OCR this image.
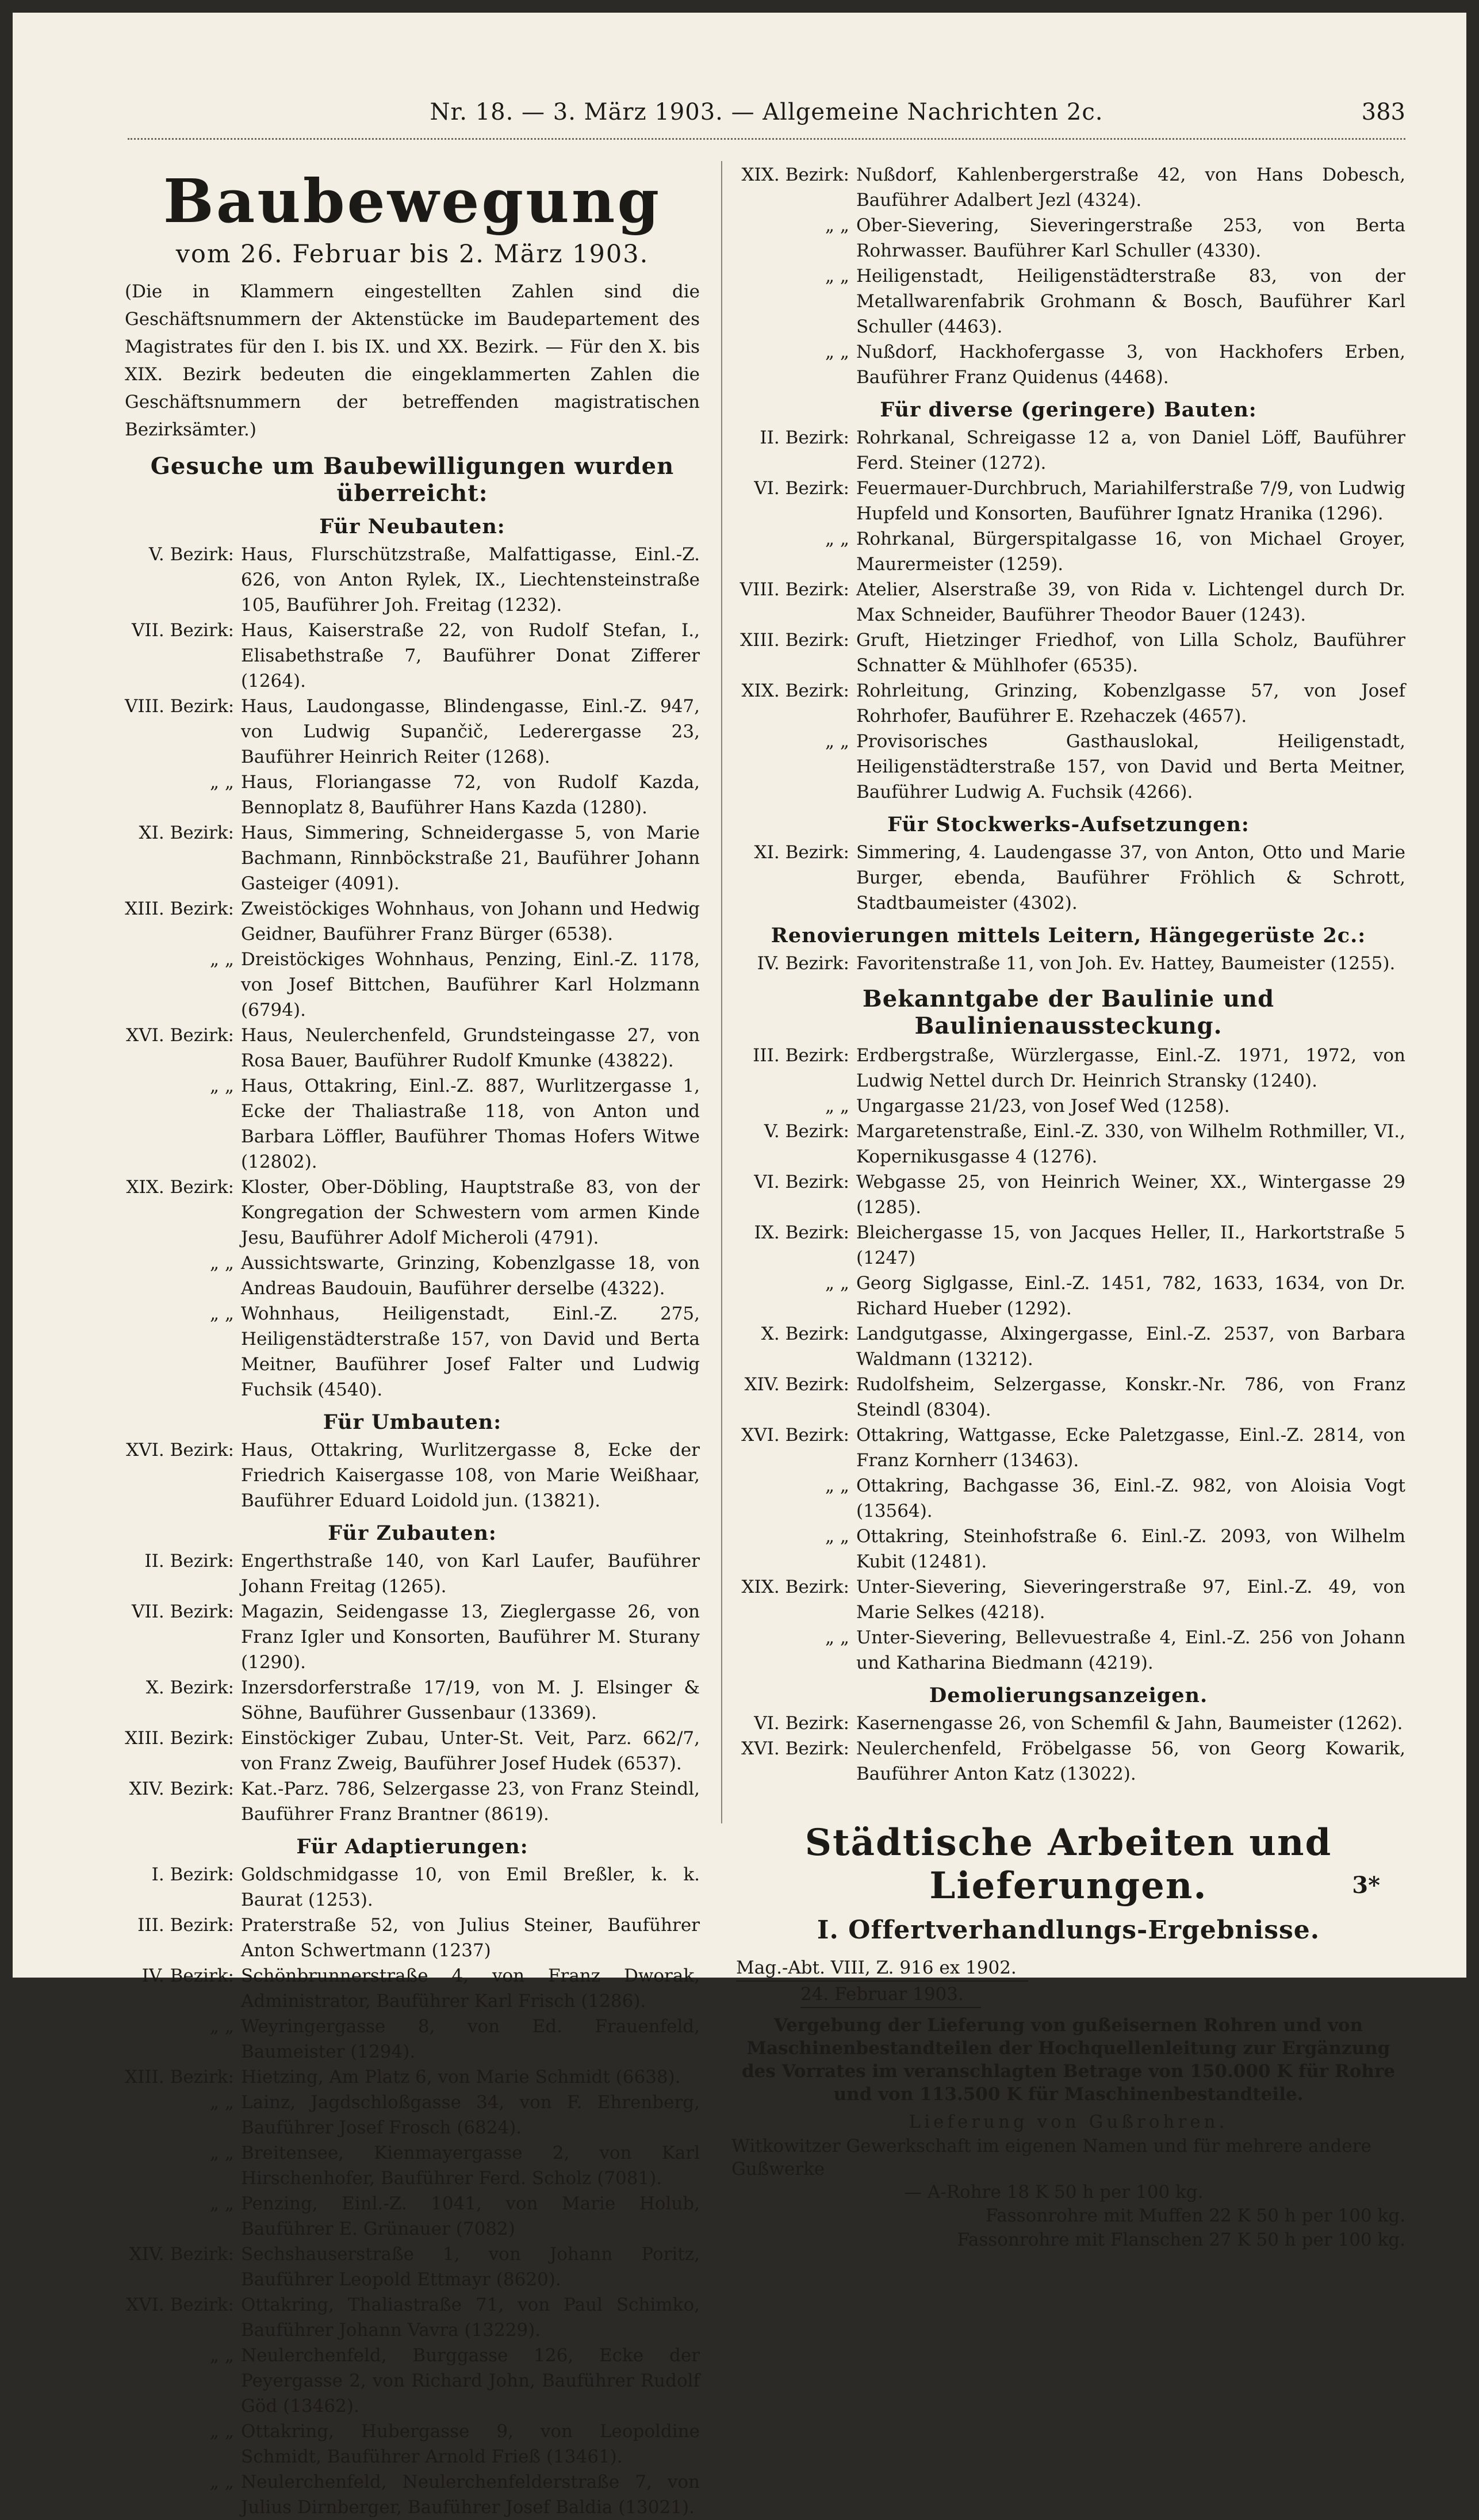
Nr. 18. — 3. März 1903. — Allgemeine Nachrichten 2c.	383
Baubewegung
vom 26. Februar bis 2. März 1903.
(Die in Klammern eingestellten Zahlen sind die Geschäftsnummern der Aktenstücke im Baudepartement des Magistrates für den I. bis IX. und XX. Bezirk. — Für den X. bis XIX. Bezirk bedeuten die eingeklammerten Zahlen die Geschäftsnummern der betreffenden magistratischen Bezirksämter.)
Gesuche um Baubewilligungen wurden überreicht:
Für Neubauten:
V. Bezirk: Haus, Flurschützstraße, Malfattigasse, Einl.-Z. 626, von Anton Rylek, IX., Liechtensteinstraße 105, Bauführer Joh. Freitag (1232).
VII. Bezirk: Haus, Kaiserstraße 22, von Rudolf Stefan, I., Elisabethstraße 7, Bauführer Donat Zifferer (1264).
VIII. Bezirk: Haus, Laudongasse, Blindengasse, Einl.-Z. 947, von Ludwig Supančič, Lederergasse 23, Bauführer Heinrich Reiter (1268).
„ „ Haus, Floriangasse 72, von Rudolf Kazda, Bennoplatz 8, Bauführer Hans Kazda (1280).
XI. Bezirk: Haus, Simmering, Schneidergasse 5, von Marie Bachmann, Rinnböckstraße 21, Bauführer Johann Gasteiger (4091).
XIII. Bezirk: Zweistöckiges Wohnhaus, von Johann und Hedwig Geidner, Bauführer Franz Bürger (6538).
„ „ Dreistöckiges Wohnhaus, Penzing, Einl.-Z. 1178, von Josef Bittchen, Bauführer Karl Holzmann (6794).
XVI. Bezirk: Haus, Neulerchenfeld, Grundsteingasse 27, von Rosa Bauer, Bauführer Rudolf Kmunke (43822).
„ „ Haus, Ottakring, Einl.-Z. 887, Wurlitzergasse 1, Ecke der Thaliastraße 118, von Anton und Barbara Löffler, Bauführer Thomas Hofers Witwe (12802).
XIX. Bezirk: Kloster, Ober-Döbling, Hauptstraße 83, von der Kongregation der Schwestern vom armen Kinde Jesu, Bauführer Adolf Micheroli (4791).
„ „ Aussichtswarte, Grinzing, Kobenzlgasse 18, von Andreas Baudouin, Bauführer derselbe (4322).
„ „ Wohnhaus, Heiligenstadt, Einl.-Z. 275, Heiligenstädterstraße 157, von David und Berta Meitner, Bauführer Josef Falter und Ludwig Fuchsik (4540).
Für Umbauten:
XVI. Bezirk: Haus, Ottakring, Wurlitzergasse 8, Ecke der Friedrich Kaisergasse 108, von Marie Weißhaar, Bauführer Eduard Loidold jun. (13821).
Für Zubauten:
II. Bezirk: Engerthstraße 140, von Karl Laufer, Bauführer Johann Freitag (1265).
VII. Bezirk: Magazin, Seidengasse 13, Zieglergasse 26, von Franz Igler und Konsorten, Bauführer M. Sturany (1290).
X. Bezirk: Inzersdorferstraße 17/19, von M. J. Elsinger & Söhne, Bauführer Gussenbaur (13369).
XIII. Bezirk: Einstöckiger Zubau, Unter-St. Veit, Parz. 662/7, von Franz Zweig, Bauführer Josef Hudek (6537).
XIV. Bezirk: Kat.-Parz. 786, Selzergasse 23, von Franz Steindl, Bauführer Franz Brantner (8619).
Für Adaptierungen:
I. Bezirk: Goldschmidgasse 10, von Emil Breßler, k. k. Baurat (1253).
III. Bezirk: Praterstraße 52, von Julius Steiner, Bauführer Anton Schwertmann (1237)
IV. Bezirk: Schönbrunnerstraße 4, von Franz Dworak, Administrator, Bauführer Karl Frisch (1286).
„ „ Weyringergasse 8, von Ed. Frauenfeld, Baumeister (1294).
XIII. Bezirk: Hietzing, Am Platz 6, von Marie Schmidt (6638).
„ „ Lainz, Jagdschloßgasse 34, von F. Ehrenberg, Bauführer Josef Frosch (6824).
„ „ Breitensee, Kienmayergasse 2, von Karl Hirschenhofer, Bauführer Ferd. Scholz (7081).
„ „ Penzing, Einl.-Z. 1041, von Marie Holub, Bauführer E. Grünauer (7082)
XIV. Bezirk: Sechshauserstraße 1, von Johann Poritz, Bauführer Leopold Ettmayr (8620).
XVI. Bezirk: Ottakring, Thaliastraße 71, von Paul Schimko, Bauführer Johann Vavra (13229).
„ „ Neulerchenfeld, Burggasse 126, Ecke der Peyergasse 2, von Richard John, Bauführer Rudolf Göd (13462).
„ „ Ottakring, Hubergasse 9, von Leopoldine Schmidt, Bauführer Arnold Frieß (13461).
„ „ Neulerchenfeld, Neulerchenfelderstraße 7, von Julius Dirnberger, Bauführer Josef Baldia (13021).
XIX. Bezirk: Nußdorf, Kahlenbergerstraße 42, von Hans Dobesch, Bauführer Adalbert Jezl (4324).
„ „ Ober-Sievering, Sieveringerstraße 253, von Berta Rohrwasser. Bauführer Karl Schuller (4330).
„ „ Heiligenstadt, Heiligenstädterstraße 83, von der Metallwarenfabrik Grohmann & Bosch, Bauführer Karl Schuller (4463).
„ „ Nußdorf, Hackhofergasse 3, von Hackhofers Erben, Bauführer Franz Quidenus (4468).
Für diverse (geringere) Bauten:
II. Bezirk: Rohrkanal, Schreigasse 12 a, von Daniel Löff, Bauführer Ferd. Steiner (1272).
VI. Bezirk: Feuermauer-Durchbruch, Mariahilferstraße 7/9, von Ludwig Hupfeld und Konsorten, Bauführer Ignatz Hranika (1296).
„ „ Rohrkanal, Bürgerspitalgasse 16, von Michael Groyer, Maurermeister (1259).
VIII. Bezirk: Atelier, Alserstraße 39, von Rida v. Lichtengel durch Dr. Max Schneider, Bauführer Theodor Bauer (1243).
XIII. Bezirk: Gruft, Hietzinger Friedhof, von Lilla Scholz, Bauführer Schnatter & Mühlhofer (6535).
XIX. Bezirk: Rohrleitung, Grinzing, Kobenzlgasse 57, von Josef Rohrhofer, Bauführer E. Rzehaczek (4657).
„ „ Provisorisches Gasthauslokal, Heiligenstadt, Heiligenstädterstraße 157, von David und Berta Meitner, Bauführer Ludwig A. Fuchsik (4266).
Für Stockwerks-Aufsetzungen:
XI. Bezirk: Simmering, 4. Laudengasse 37, von Anton, Otto und Marie Burger, ebenda, Bauführer Fröhlich & Schrott, Stadtbaumeister (4302).
Renovierungen mittels Leitern, Hängegerüste 2c.:
IV. Bezirk: Favoritenstraße 11, von Joh. Ev. Hattey, Baumeister (1255).
Bekanntgabe der Baulinie und Baulinienaussteckung.
III. Bezirk: Erdbergstraße, Würzlergasse, Einl.-Z. 1971, 1972, von Ludwig Nettel durch Dr. Heinrich Stransky (1240).
„ „ Ungargasse 21/23, von Josef Wed (1258).
V. Bezirk: Margaretenstraße, Einl.-Z. 330, von Wilhelm Rothmiller, VI., Kopernikusgasse 4 (1276).
VI. Bezirk: Webgasse 25, von Heinrich Weiner, XX., Wintergasse 29 (1285).
IX. Bezirk: Bleichergasse 15, von Jacques Heller, II., Harkortstraße 5 (1247)
„ „ Georg Siglgasse, Einl.-Z. 1451, 782, 1633, 1634, von Dr. Richard Hueber (1292).
X. Bezirk: Landgutgasse, Alxingergasse, Einl.-Z. 2537, von Barbara Waldmann (13212).
XIV. Bezirk: Rudolfsheim, Selzergasse, Konskr.-Nr. 786, von Franz Steindl (8304).
XVI. Bezirk: Ottakring, Wattgasse, Ecke Paletzgasse, Einl.-Z. 2814, von Franz Kornherr (13463).
„ „ Ottakring, Bachgasse 36, Einl.-Z. 982, von Aloisia Vogt (13564).
„ „ Ottakring, Steinhofstraße 6. Einl.-Z. 2093, von Wilhelm Kubit (12481).
XIX. Bezirk: Unter-Sievering, Sieveringerstraße 97, Einl.-Z. 49, von Marie Selkes (4218).
„ „ Unter-Sievering, Bellevuestraße 4, Einl.-Z. 256 von Johann und Katharina Biedmann (4219).
Demolierungsanzeigen.
VI. Bezirk: Kasernengasse 26, von Schemfil & Jahn, Baumeister (1262).
XVI. Bezirk: Neulerchenfeld, Fröbelgasse 56, von Georg Kowarik, Bauführer Anton Katz (13022).
Städtische Arbeiten und Lieferungen.
I. Offertverhandlungs-Ergebnisse.
Mag.-Abt. VIII, Z. 916 ex 1902.
24. Februar 1903.
Vergebung der Lieferung von gußeisernen Rohren und von Maschinenbestandteilen der Hochquellenleitung zur Ergänzung des Vorrates im veranschlagten Betrage von 150.000 K für Rohre und von 113.500 K für Maschinenbestandteile.
Lieferung von Gußrohren.
Witkowitzer Gewerkschaft im eigenen Namen und für mehrere andere Gußwerke
— A-Rohre 18 K 50 h per 100 kg.
Fassonrohre mit Muffen 22 K 50 h per 100 kg.
Fassonrohre mit Flanschen 27 K 50 h per 100 kg.
3*
